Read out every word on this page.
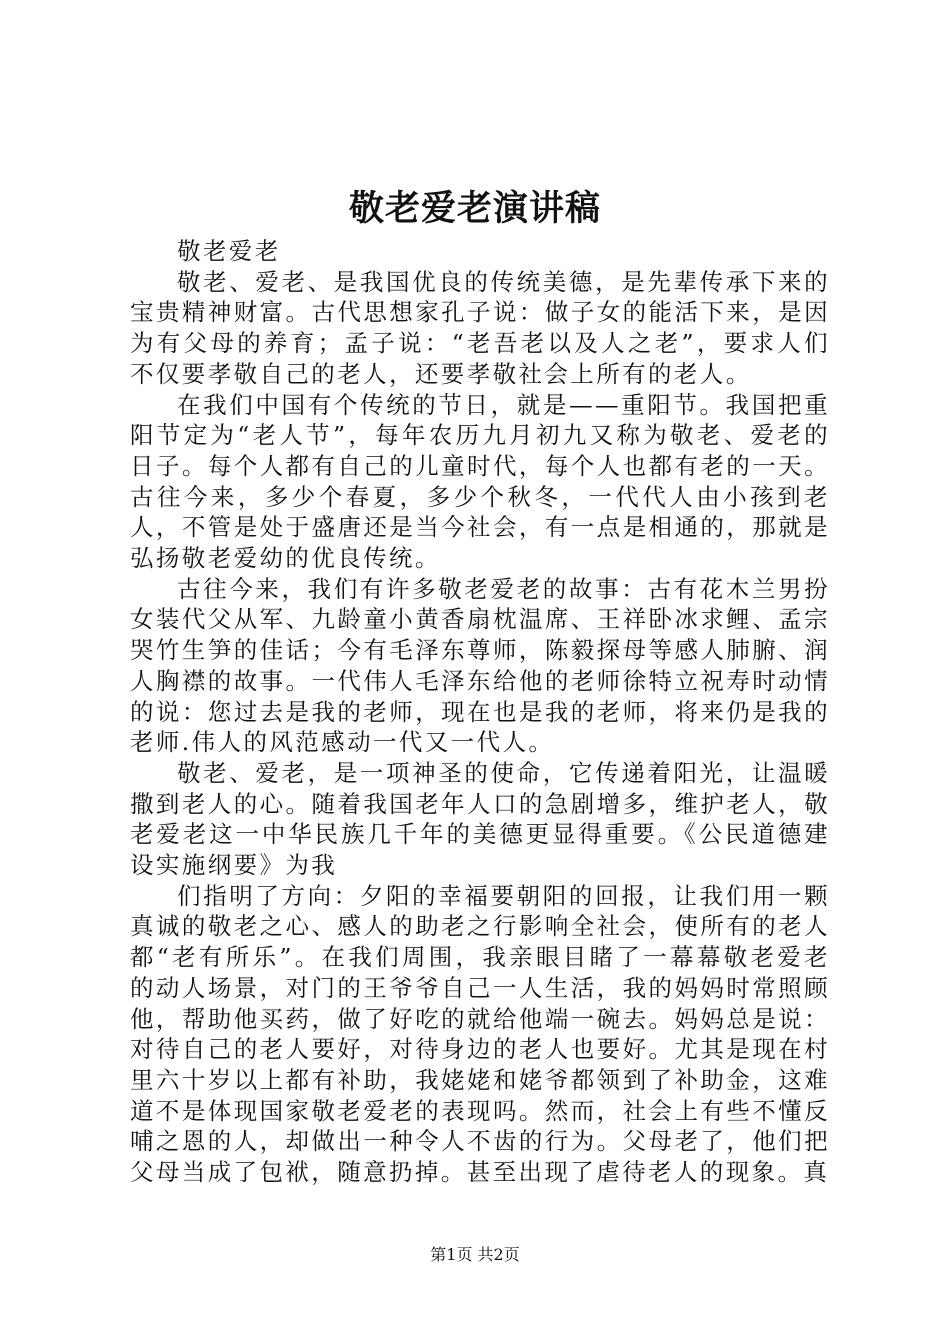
敬老爱老演讲稿

敬老爱老

敬老、爱老、是我国优良的传统美德，是先辈传承下来的宝贵精神财富。古代思想家孔子说：做子女的能活下来，是因为有父母的养育；孟子说：“老吾老以及人之老”，要求人们不仅要孝敬自己的老人，还要孝敬社会上所有的老人。

在我们中国有个传统的节日，就是——重阳节。我国把重阳节定为“老人节”，每年农历九月初九又称为敬老、爱老的日子。每个人都有自己的儿童时代，每个人也都有老的一天。古往今来，多少个春夏，多少个秋冬，一代代人由小孩到老人，不管是处于盛唐还是当今社会，有一点是相通的，那就是弘扬敬老爱幼的优良传统。

古往今来，我们有许多敬老爱老的故事：古有花木兰男扮女装代父从军、九龄童小黄香扇枕温席、王祥卧冰求鲤、孟宗哭竹生笋的佳话；今有毛泽东尊师，陈毅探母等感人肺腑、润人胸襟的故事。一代伟人毛泽东给他的老师徐特立祝寿时动情的说：您过去是我的老师，现在也是我的老师，将来仍是我的老师.伟人的风范感动一代又一代人。

敬老、爱老，是一项神圣的使命，它传递着阳光，让温暖撒到老人的心。随着我国老年人口的急剧增多，维护老人，敬老爱老这一中华民族几千年的美德更显得重要。《公民道德建设实施纲要》为我

们指明了方向：夕阳的幸福要朝阳的回报，让我们用一颗真诚的敬老之心、感人的助老之行影响全社会，使所有的老人都“老有所乐”。在我们周围，我亲眼目睹了一幕幕敬老爱老的动人场景，对门的王爷爷自己一人生活，我的妈妈时常照顾他，帮助他买药，做了好吃的就给他端一碗去。妈妈总是说：对待自己的老人要好，对待身边的老人也要好。尤其是现在村里六十岁以上都有补助，我姥姥和姥爷都领到了补助金，这难道不是体现国家敬老爱老的表现吗。然而，社会上有些不懂反哺之恩的人，却做出一种令人不齿的行为。父母老了，他们把父母当成了包袱，随意扔掉。甚至出现了虐待老人的现象。真

第1页 共2页
